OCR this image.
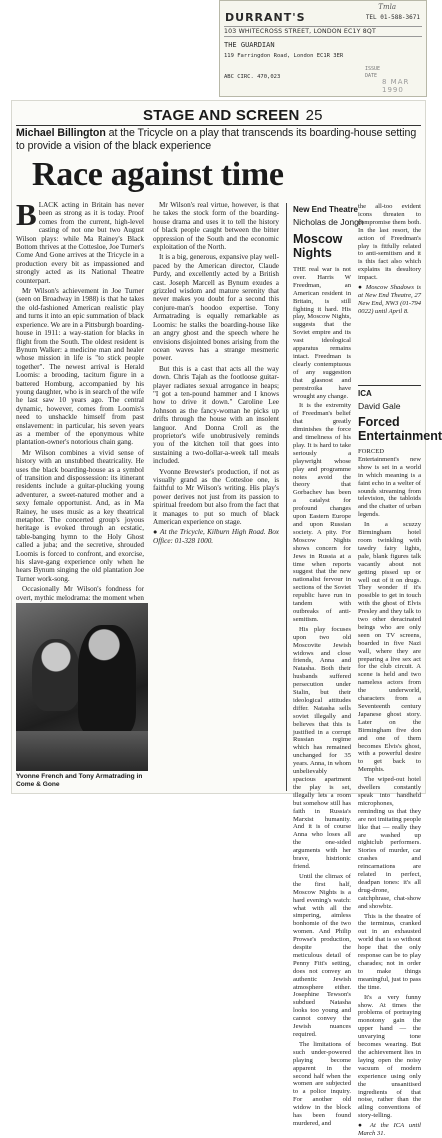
Tmla
DURRANT'S	TEL 01-588-3671
103 WHITECROSS STREET, LONDON EC1Y 8QT
THE GUARDIAN
119 Farringdon Road, London EC1R 3ER
ABC CIRC. 470,023
ISSUE
DATE
8 MAR 1990
STAGE AND SCREEN 25
Michael Billington at the Tricycle on a play that transcends its boarding-house setting to provide a vision of the black experience
Race against time

BLACK acting in Britain has never been as strong as it is today. Proof comes from the current, high-level casting of not one but two August Wilson plays: while Ma Rainey's Black Bottom thrives at the Cottesloe, Joe Turner's Come And Gone arrives at the Tricycle in a production every bit as impassioned and strongly acted as its National Theatre counterpart.

Mr Wilson's achievement in Joe Turner (seen on Broadway in 1988) is that he takes the old-fashioned American realistic play and turns it into an epic summation of black experience. We are in a Pittsburgh boarding-house in 1911: a way-station for blacks in flight from the South. The oldest resident is Bynum Walker: a medicine man and healer whose mission in life is "to stick people together". The newest arrival is Herald Loomis: a brooding, taciturn figure in a battered Homburg, accompanied by his young daughter, who is in search of the wife he last saw 10 years ago. The central dynamic, however, comes from Loomis's need to unshackle himself from past enslavement: in particular, his seven years as a member of the eponymous white plantation-owner's notorious chain gang.

Mr Wilson combines a vivid sense of history with an unstubbed theatricality. He uses the black boarding-house as a symbol of transition and dispossession: its itinerant residents include a guitar-plucking young adventurer, a sweet-natured mother and a sexy female opportunist. And, as in Ma Rainey, he uses music as a key theatrical metaphor. The concerted group's joyous heritage is evoked through an ecstatic, table-banging hymn to the Holy Ghost called a juba; and the secretive, shrouded Loomis is forced to confront, and exorcise, his slave-gang experience only when he hears Bynum singing the old plantation Joe Turner work-song.

Occasionally Mr Wilson's fondness for overt, mythic melodrama: the moment when

Mr Wilson's real virtue, however, is that he takes the stock form of the boarding-house drama and uses it to tell the history of black people caught between the bitter oppression of the South and the economic exploitation of the North.

It is a big, generous, expansive play well-paced by the American director, Claude Purdy, and excellently acted by a British cast. Joseph Marcell as Bynum exudes a grizzled wisdom and mature serenity that never makes you doubt for a second this conjure-man's hoodoo expertise. Tony Armatrading is equally remarkable as Loomis: he stalks the boarding-house like an angry ghost and the speech where he envisions disjointed bones arising from the ocean waves has a strange mesmeric power.

But this is a cast that acts all the way down. Chris Tajah as the footloose guitar-player radiates sexual arrogance in heaps; "I got a ten-pound hammer and I knows how to drive it down." Caroline Lee Johnson as the fancy-woman he picks up drifts through the house with an insolent languor. And Donna Croll as the proprietor's wife unobtrusively reminds you of the kitchen toil that goes into sustaining a two-dollar-a-week tall meals included.

Yvonne Brewster's production, if not as visually grand as the Cottesloe one, is faithful to Mr Wilson's writing. His play's power derives not just from its passion to spiritual freedom but also from the fact that it manages to put so much of black American experience on stage.

● At the Tricycle, Kilburn High Road. Box Office: 01-328 1000.

Yvonne French and Tony Armatrading in Come & Gone
New End Theatre
Nicholas de Jongh
Moscow Nights

THE real war is not over. Harris W Freedman, an American resident in Britain, is still fighting it hard. His play, Moscow Nights, suggests that the Soviet empire and its vast ideological apparatus remains intact. Freedman is clearly contemptuous of any suggestion that glasnost and perestroika have wrought any change.

It is the extremity of Freedman's belief that greatly diminishes the force and timeliness of his play. It is hard to take seriously a playwright whose play and programme notes avoid the theory that Gorbachev has been a catalyst for profound changes upon Eastern Europe and upon Russian society. A pity. For Moscow Nights shows concern for Jews in Russia at a time when reports suggest that the new nationalist fervour in sections of the Soviet republic have run in tandem with outbreaks of anti-semitism.

His play focuses upon two old Moscovite Jewish widows and close friends, Anna and Natasha. Both their husbands suffered persecution under Stalin, but their ideological attitudes differ. Natasha sells soviet illegally and believes that this is justified in a corrupt Russian regime which has remained unchanged for 35 years. Anna, in whom unbelievably spacious apartment the play is set, illegally lets a room but somehow still has faith in Russia's Marxist humanity. And it is of course Anna who loses all the one-sided arguments with her brave, histrionic friend.

Until the climax of the first half, Moscow Nights is a hard evening's watch: what with all the simpering, aimless bonhomie of the two women. And Philip Prowse's production, despite the meticulous detail of Penny Fitt's setting, does not convey an authentic Jewish atmosphere either. Josephine Tewson's subdued Natasha looks too young and cannot convey the Jewish nuances required.

The limitations of such under-powered playing become apparent in the second half when the women are subjected to a police inquiry. For another old widow in the block has been found murdered, and

the all-too evident icons threaten to compromise them both. In the last resort, the action of Freedman's play is fitfully related to anti-semitism and it is this fact also which explains its desultory impact.

● Moscow Shadows is at New End Theatre, 27 New End, NW3 (01-794 0022) until April 8.

ICA
David Gale
Forced Entertainment

FORCED Entertainment's new show is set in a world in which meaning is a faint echo in a welter of sounds streaming from television, the tabloids and the chatter of urban legends.

In a scuzzy Birmingham hotel room twinkling with tawdry fairy lights, pale, blank figures talk vacantly about not getting pissed up or well out of it on drugs. They wonder if it's possible to get in touch with the ghost of Elvis Presley and they talk to two other deracinated beings who are only seen on TV screens, boarded in five Nazi wall, where they are preparing a live sex act for the club circuit. A scene is held and two nameless actors from the underworld, characters from a Seventeenth century Japanese ghost story. Later on the Birmingham five don and one of them becomes Elvis's ghost, with a powerful desire to get back to Memphis.

The wiped-out hotel dwellers constantly speak into handheld microphones, reminding us that they are not imitating people like that — really they are washed up nightclub performers. Stories of murder, car crashes and reincarnations are related in perfect, deadpan tones: it's all drug-drone, catchphrase, chat-show and showbiz.

This is the theatre of the terminus, cranked out in an exhausted world that is so without hope that the only response can be to play charades; not in order to make things meaningful, just to pass the time.

It's a very funny show. At times the problems of portraying monotony gain the upper hand — the unvarying tone becomes wearing. But the achievement lies in laying open the noisy vacuum of modern experience using only the unsanitised ingredients of that noise, rather than the ailing conventions of story-telling.

● At the ICA until March 31.
